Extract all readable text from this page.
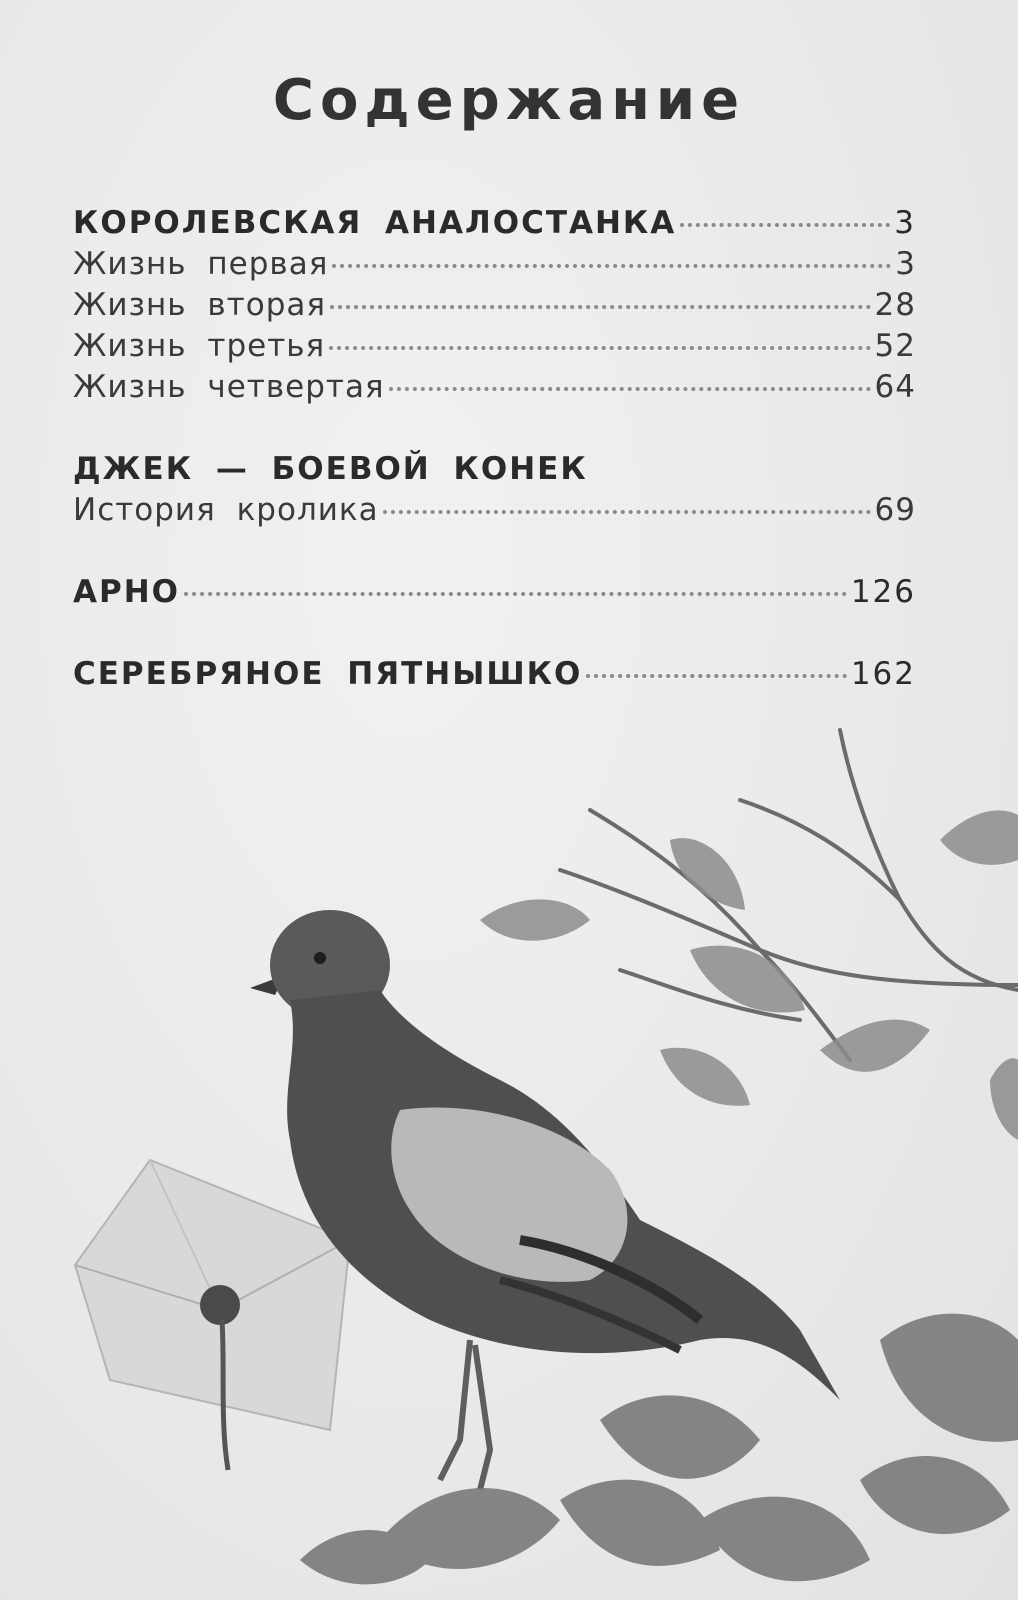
Содержание
КОРОЛЕВСКАЯ АНАЛОСТАНКА	3
Жизнь первая	3
Жизнь вторая	28
Жизнь третья	52
Жизнь четвертая	64
ДЖЕК — БОЕВОЙ КОНЕК
История кролика	69
АРНО	126
СЕРЕБРЯНОЕ ПЯТНЫШКО	162
